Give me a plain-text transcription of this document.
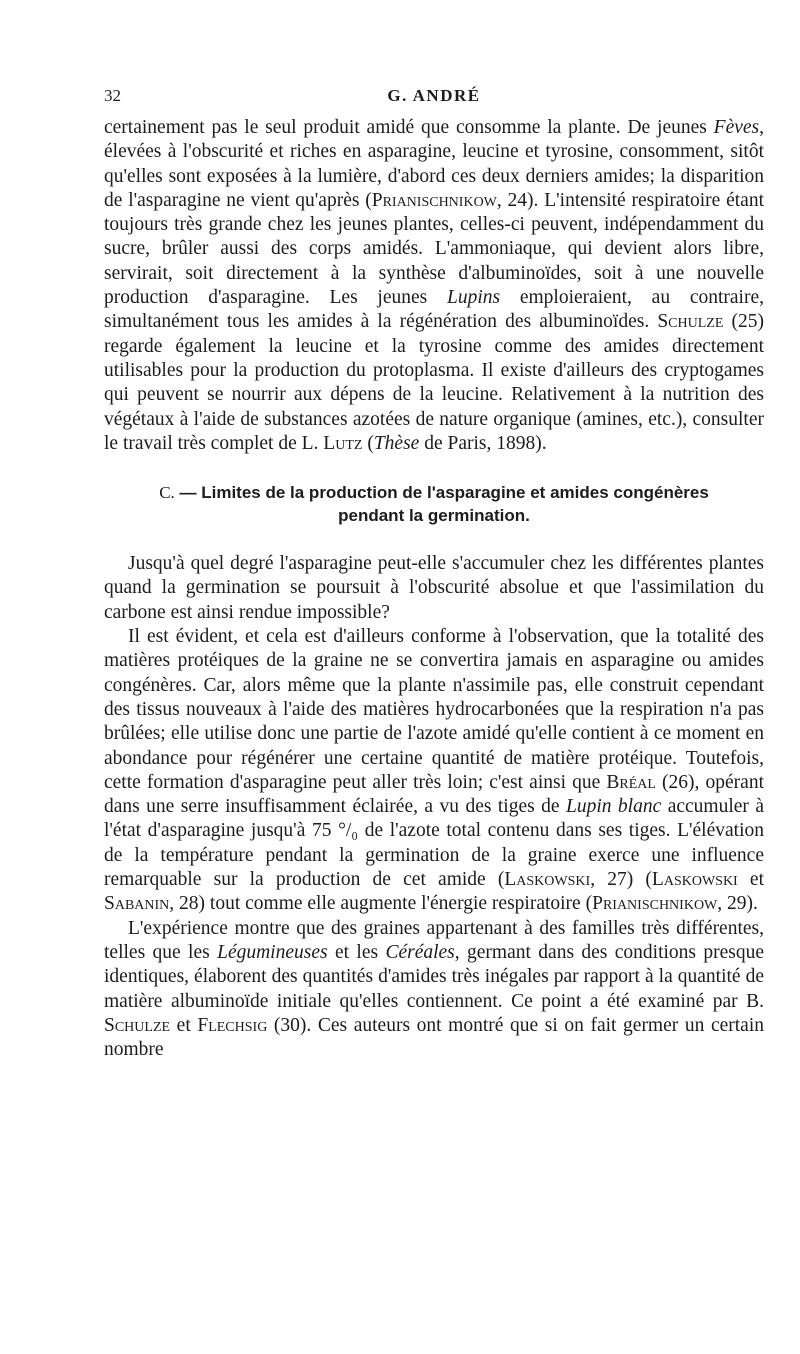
32	G. ANDRÉ

certainement pas le seul produit amidé que consomme la plante. De jeunes Fèves, élevées à l'obscurité et riches en asparagine, leucine et tyrosine, consomment, sitôt qu'elles sont exposées à la lumière, d'abord ces deux derniers amides; la disparition de l'asparagine ne vient qu'après (Prianischnikow, 24). L'intensité respiratoire étant toujours très grande chez les jeunes plantes, celles-ci peuvent, indépendamment du sucre, brûler aussi des corps amidés. L'ammoniaque, qui devient alors libre, servirait, soit directement à la synthèse d'albuminoïdes, soit à une nouvelle production d'asparagine. Les jeunes Lupins emploieraient, au contraire, simultanément tous les amides à la régénération des albuminoïdes. Schulze (25) regarde également la leucine et la tyrosine comme des amides directement utilisables pour la production du protoplasma. Il existe d'ailleurs des cryptogames qui peuvent se nourrir aux dépens de la leucine. Relativement à la nutrition des végétaux à l'aide de substances azotées de nature organique (amines, etc.), consulter le travail très complet de L. Lutz (Thèse de Paris, 1898).

C. — Limites de la production de l'asparagine et amides congénères
pendant la germination.

Jusqu'à quel degré l'asparagine peut-elle s'accumuler chez les différentes plantes quand la germination se poursuit à l'obscurité absolue et que l'assimilation du carbone est ainsi rendue impossible?

Il est évident, et cela est d'ailleurs conforme à l'observation, que la totalité des matières protéiques de la graine ne se convertira jamais en asparagine ou amides congénères. Car, alors même que la plante n'assimile pas, elle construit cependant des tissus nouveaux à l'aide des matières hydrocarbonées que la respiration n'a pas brûlées; elle utilise donc une partie de l'azote amidé qu'elle contient à ce moment en abondance pour régénérer une certaine quantité de matière protéique. Toutefois, cette formation d'asparagine peut aller très loin; c'est ainsi que Bréal (26), opérant dans une serre insuffisamment éclairée, a vu des tiges de Lupin blanc accumuler à l'état d'asparagine jusqu'à 75 °/₀ de l'azote total contenu dans ses tiges. L'élévation de la température pendant la germination de la graine exerce une influence remarquable sur la production de cet amide (Laskowski, 27) (Laskowski et Sabanin, 28) tout comme elle augmente l'énergie respiratoire (Prianischnikow, 29).

L'expérience montre que des graines appartenant à des familles très différentes, telles que les Légumineuses et les Céréales, germant dans des conditions presque identiques, élaborent des quantités d'amides très inégales par rapport à la quantité de matière albuminoïde initiale qu'elles contiennent. Ce point a été examiné par B. Schulze et Flechsig (30). Ces auteurs ont montré que si on fait germer un certain nombre
